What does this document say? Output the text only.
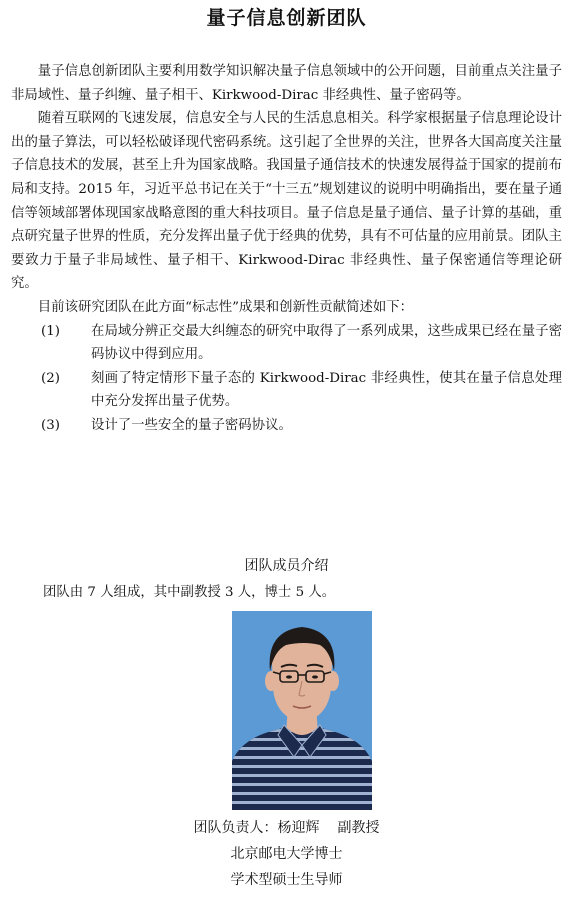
量子信息创新团队

量子信息创新团队主要利用数学知识解决量子信息领域中的公开问题，目前重点关注量子非局域性、量子纠缠、量子相干、Kirkwood-Dirac 非经典性、量子密码等。

随着互联网的飞速发展，信息安全与人民的生活息息相关。科学家根据量子信息理论设计出的量子算法，可以轻松破译现代密码系统。这引起了全世界的关注，世界各大国高度关注量子信息技术的发展，甚至上升为国家战略。我国量子通信技术的快速发展得益于国家的提前布局和支持。2015 年，习近平总书记在关于“十三五”规划建议的说明中明确指出，要在量子通信等领域部署体现国家战略意图的重大科技项目。量子信息是量子通信、量子计算的基础，重点研究量子世界的性质，充分发挥出量子优于经典的优势，具有不可估量的应用前景。团队主要致力于量子非局域性、量子相干、Kirkwood-Dirac 非经典性、量子保密通信等理论研究。

目前该研究团队在此方面“标志性”成果和创新性贡献简述如下：

(1)	在局域分辨正交最大纠缠态的研究中取得了一系列成果，这些成果已经在量子密码协议中得到应用。
(2)	刻画了特定情形下量子态的 Kirkwood-Dirac 非经典性，使其在量子信息处理中充分发挥出量子优势。
(3)	设计了一些安全的量子密码协议。
团队成员介绍
团队由 7 人组成，其中副教授 3 人，博士 5 人。
团队负责人：杨迎辉 副教授
北京邮电大学博士
学术型硕士生导师
